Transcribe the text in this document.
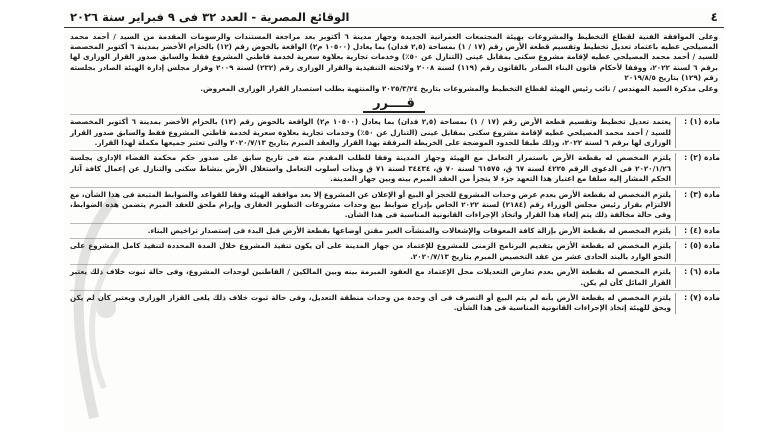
٤
الوقائع المصرية - العدد ٣٢ فى ٩ فبراير سنة ٢٠٢٦

وعلى الموافقة الفنية لقطاع التخطيط والمشروعات بهيئة المجتمعات العمرانية الجديدة وجهاز مدينة ٦ أكتوبر بعد مراجعة المستندات والرسومات المقدمة من السيد / أحمد محمد المصيلحي عطيه باعتماد تعديل تخطيط وتقسيم قطعة الأرض رقم (١٧ / ١) بمساحة (٢,٥ فدان) بما يعادل (١٠٥٠٠ م٢) الواقعة بالحوض رقم (١٢) بالحزام الأخضر بمدينة ٦ أكتوبر المخصصة للسيد / أحمد محمد المصيلحي عطيه لإقامة مشروع سكنى بمقابل عينى (التنازل عن ٥٠٪) وخدمات تجارية بعلاوة سعرية لخدمة قاطني المشروع فقط والسابق صدور القرار الوزارى لها برقم ٦ لسنة ٢٠٢٢، ووفقا لأحكام قانون البناء الصادر بالقانون رقم (١١٩) لسنة ٢٠٠٨ ولائحته التنفيذية والقرار الوزارى رقم (٢٣٢) لسنة ٢٠٠٩ وقرار مجلس إدارة الهيئة الصادر بجلسته رقم (١٢٩) بتاريخ ٢٠١٩/٨/٥

وعلى مذكرة السيد المهندس / نائب رئيس الهيئة لقطاع التخطيط والمشروعات بتاريخ ٢٠٢٥/٣/٢٤ والمنتهية بطلب استصدار القرار الوزارى المعروض.

قــــرر
مادة (١) :
يعتمد تعديل تخطيط وتقسيم قطعة الأرض رقم (١٧ / ١) بمساحة (٢,٥ فدان) بما يعادل (١٠٥٠٠ م٢) الواقعة بالحوض رقم (١٢) بالحزام الأخضر بمدينة ٦ أكتوبر المخصصة للسيد / أحمد محمد المصيلحي عطيه لإقامة مشروع سكنى بمقابل عينى (التنازل عن ٥٠٪) وخدمات تجارية بعلاوة سعرية لخدمة قاطني المشروع فقط والسابق صدور القرار الوزارى لها برقم ٦ لسنة ٢٠٢٢، وذلك طبقا للحدود الموضحة على الخريطة المرفقة بهذا القرار والعقد المبرم بتاريخ ٢٠٢٠/٧/١٣ والتى تعتبر جميعها مكملة لهذا القرار.
مادة (٢) :
يلتزم المخصص له بقطعة الأرض باستمرار التعامل مع الهيئة وجهاز المدينة وفقا للطلب المقدم منه فى تاريخ سابق على صدور حكم محكمة القضاء الإدارى بجلسة ٢٠٢٠/١/٢٦ فى الدعوى الرقم ٤٢٢٥ لسنة ٦٧ ق، ٦١٥٧٥ لسنة ٧٠ ق، ٣٤٤٣٤ لسنة ٧١ ق وبذات أسلوب التعامل واستغلال الأرض بنشاط سكنى والتنازل عن إعمال كافة آثار الحكم المشار إليه سلفا مع اعتبار هذا التعهد جزء لا يتجزأ من العقد المبرم بينه وبين جهاز المدينة.
مادة (٣) :
يلتزم المخصص له بقطعة الأرض بعدم عرض وحدات المشروع للحجز أو البيع أو الإعلان عن المشروع إلا بعد موافقة الهيئة وفقا للقواعد والضوابط المتبعة فى هذا الشأن، مع الالتزام بقرار رئيس مجلس الوزراء رقم (٢١٨٤) لسنة ٢٠٢٢ الخاص بإدراج ضوابط بيع وحدات مشروعات التطوير العقارى وإبرام ملحق للعقد المبرم يتضمن هذه الضوابط، وفى حالة مخالفة ذلك يتم إلغاء هذا القرار واتخاذ الإجراءات القانونية المناسبة فى هذا الشأن.
مادة (٤) :
يلتزم المخصص له بقطعة الأرض بإزالة كافة المعوقات والإشغالات والمنشآت الغير مقنن أوضاعها بقطعة الأرض قبل البدء فى إستصدار تراخيص البناء.
مادة (٥) :
يلتزم المخصص له بقطعة الأرض بتقديم البرنامج الزمنى للمشروع للإعتماد من جهاز المدينة على أن يكون تنفيذ المشروع خلال المدة المحددة لتنفيذ كامل المشروع على النحو الوارد بالبند الحادى عشر من عقد التخصيص المبرم بتاريخ ٢٠٢٠/٧/١٣.
مادة (٦) :
يلتزم المخصص له بقطعة الأرض بعدم تعارض التعديلات محل الإعتماد مع العقود المبرمة بينه وبين المالكين / القاطنين لوحدات المشروع، وفى حالة ثبوت خلاف ذلك يعتبر القرار المائل كأن لم يكن.
مادة (٧) :
يلتزم المخصص له بقطعة الأرض بأنه لم يتم البيع أو التصرف فى أى وحدة من وحدات منطقة التعديل، وفى حالة ثبوت خلاف ذلك يلغى القرار الوزارى ويعتبر كأن لم يكن ويحق للهيئة إتخاذ الإجراءات القانونية المناسبة فى هذا الشأن.
